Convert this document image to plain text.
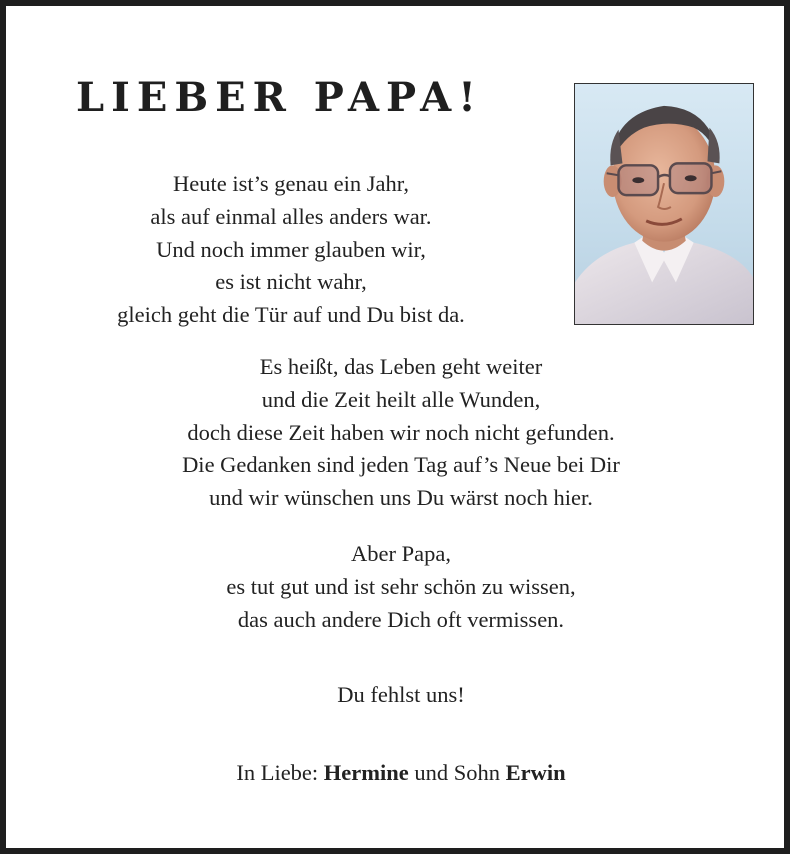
LIEBER PAPA!

Heute ist’s genau ein Jahr,
als auf einmal alles anders war.
Und noch immer glauben wir,
es ist nicht wahr,
gleich geht die Tür auf und Du bist da.

Es heißt, das Leben geht weiter
und die Zeit heilt alle Wunden,
doch diese Zeit haben wir noch nicht gefunden.
Die Gedanken sind jeden Tag auf’s Neue bei Dir
und wir wünschen uns Du wärst noch hier.

Aber Papa,
es tut gut und ist sehr schön zu wissen,
das auch andere Dich oft vermissen.

Du fehlst uns!

In Liebe: Hermine und Sohn Erwin
